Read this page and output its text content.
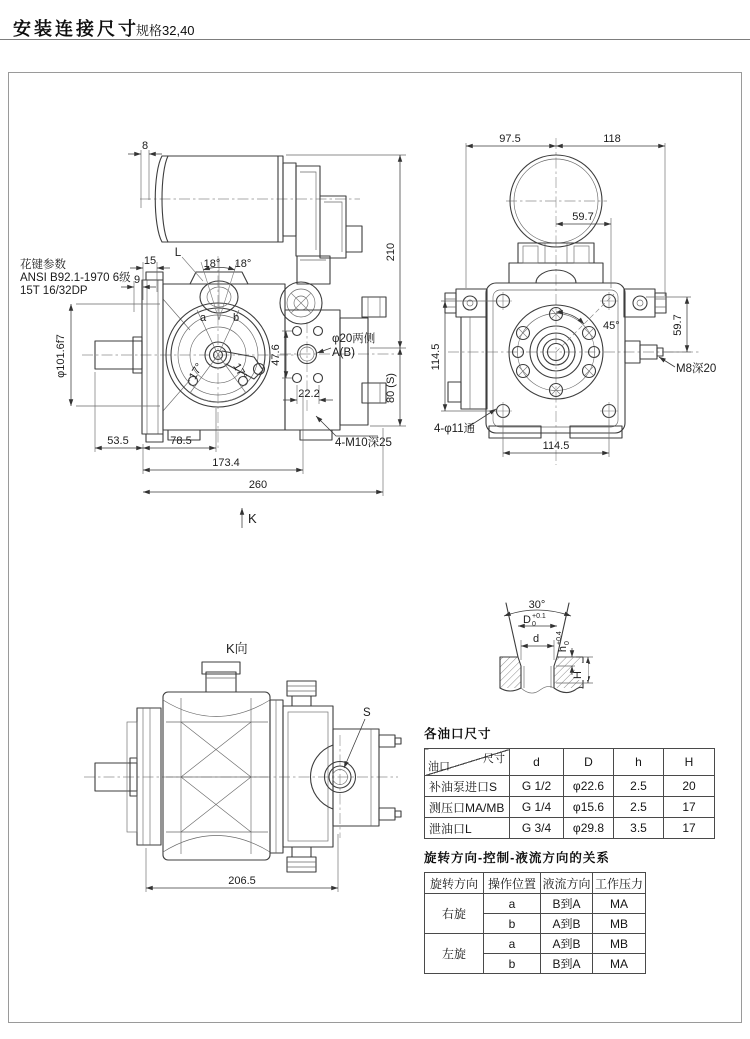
安装连接尺寸
规格32,40
8
15
9
L
18° 18°
花键参数
ANSI B92.1-1970 6级
15T 16/32DP
210
80 (S)
φ101.6f7	47.6
φ20两侧
A(B)
22.2
4-M10深25
53.5	78.5
173.4
260
K
a b
17° 17°
97.5	118
59.7
114.5
45°	59.7
M8深20
4-φ11通
114.5
K向
S
206.5
30°
D +0.1
0
d
h
+0.4 0
H
各油口尺寸
尺寸
油口	d	D	h	H
补油泵进口S	G 1/2	φ22.6	2.5	20
测压口MA/MB	G 1/4	φ15.6	2.5	17
泄油口L	G 3/4	φ29.8	3.5	17
旋转方向-控制-液流方向的关系
旋转方向	操作位置	液流方向	工作压力
右旋	a	B到A	MA
	b	A到B	MB
左旋	a	A到B	MB
	b	B到A	MA
